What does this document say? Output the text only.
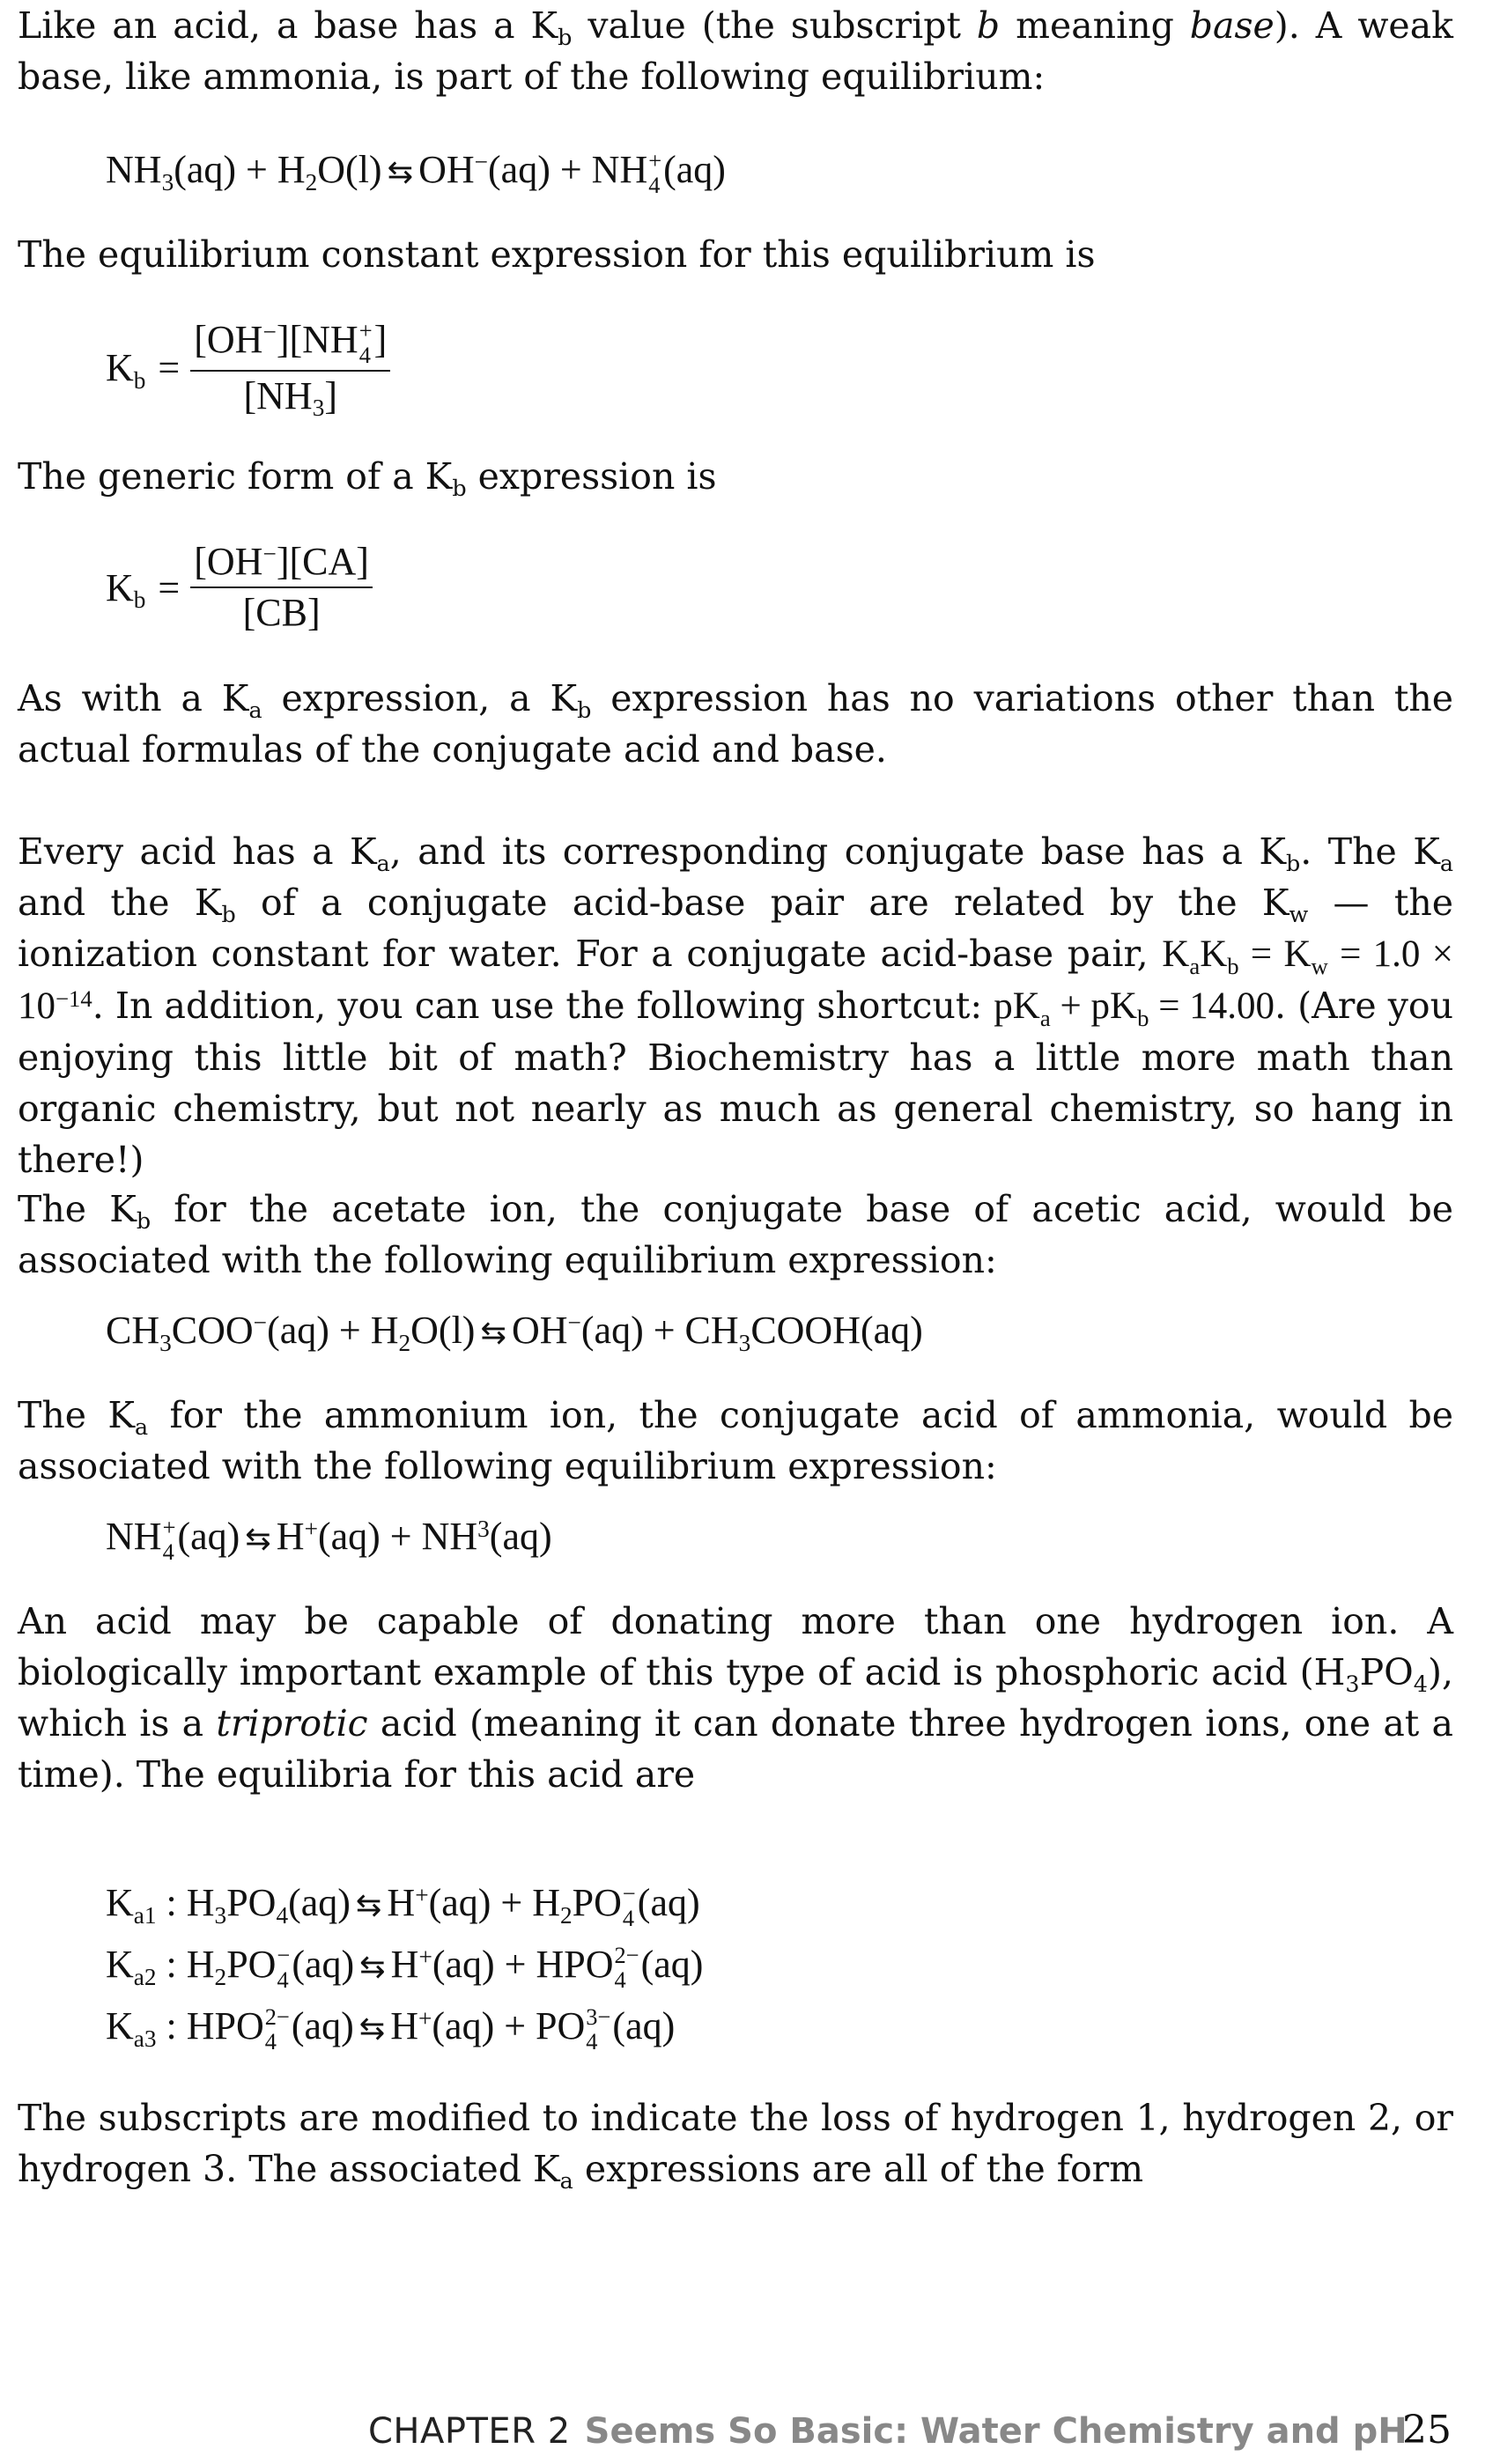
Like an acid, a base has a $K_b$ value (the subscript b meaning base). A weak base, like ammonia, is part of the following equilibrium:

$NH_3(aq) + H_2O(l)$ ⇆ OH−(aq) + NH +
4 (aq)

The equilibrium constant expression for this equilibrium is

$K_b = [OH^-][NH$ +
4 ]
$[NH_3]$

The generic form of a $K_b$ expression is

$K_b = \frac{[OH^-][CA]}{[CB]}$

As with a $K_a$ expression, a $K_b$ expression has no variations other than the actual formulas of the conjugate acid and base.

Every acid has a $K_a$, and its corresponding conjugate base has a $K_b$. The $K_a$ and the $K_b$ of a conjugate acid-base pair are related by the $K_w$ — the ionization constant for water. For a conjugate acid-base pair, $K_aK_b = K_w = 1.0 \times 10^{-14}$. In addition, you can use the following shortcut: $pK_a + pK_b = 14.00$. (Are you enjoying this little bit of math? Biochemistry has a little more math than organic chemistry, but not nearly as much as general chemistry, so hang in there!)

The $K_b$ for the acetate ion, the conjugate base of acetic acid, would be associated with the following equilibrium expression:

$CH_3COO^-(aq) + H_2O(l)$ ⇆ $OH^-(aq) + CH_3COOH(aq)$

The $K_a$ for the ammonium ion, the conjugate acid of ammonia, would be associated with the following equilibrium expression:

NH +
4 (aq) ⇆ $H^+(aq) + NH^3(aq)$

An acid may be capable of donating more than one hydrogen ion. A biologically important example of this type of acid is phosphoric acid $(H_3PO_4)$, which is a triprotic acid (meaning it can donate three hydrogen ions, one at a time). The equilibria for this acid are

$K_{a1}$ : $H_3PO_4(aq)$ ⇆ $H^+(aq) + H_2PO$ −
4 (aq)
$K_{a2}$ : $H_2PO$ −
4 (aq) ⇆ H+(aq) + HPO 2−
4 (aq)
$K_{a3}$ : HPO 2−
4 (aq) ⇆ H+(aq) + PO 3−
4 (aq)

The subscripts are modified to indicate the loss of hydrogen 1, hydrogen 2, or hydrogen 3. The associated $K_a$ expressions are all of the form

CHAPTER 2 Seems So Basic: Water Chemistry and pH
25
